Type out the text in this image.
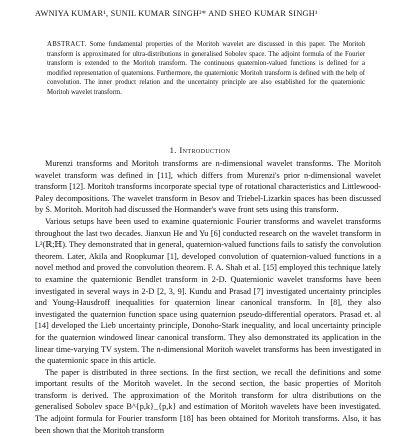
AWNIYA KUMAR¹, SUNIL KUMAR SINGH²* AND SHEO KUMAR SINGH¹
ABSTRACT. Some fundamental properties of the Moritoh wavelet are discussed in this paper. The Moritoh transform is approximated for ultra-distributions in generalised Sobolev space. The adjoint formula of the Fourier transform is extended to the Moritoh transform. The continuous quaternion-valued functions is defined for a modified representation of quaternions. Furthermore, the quaternionic Moritoh transform is defined with the help of convolution. The inner product relation and the uncertainty principle are also established for the quaternionic Moritoh wavelet transform.
1. Introduction

Murenzi transforms and Moritoh transforms are n-dimensional wavelet transforms. The Moritoh wavelet transform was defined in [11], which differs from Murenzi's prior n-dimensional wavelet transform [12]. Moritoh transforms incorporate special type of rotational characteristics and Littlewood-Paley decompositions. The wavelet transform in Besov and Triebel-Lizarkin spaces has been discussed by S. Moritoh. Moritoh had discussed the Hormander's wave front sets using this transform.

Various setups have been used to examine quaternionic Fourier transforms and wavelet transforms throughout the last two decades. Jianxun He and Yu [6] conducted research on the wavelet transform in L²(ℝ;ℍ). They demonstrated that in general, quaternion-valued functions fails to satisfy the convolution theorem. Later, Akila and Roopkumar [1], developed convolution of quaternion-valued functions in a novel method and proved the convolution theorem. F. A. Shah et al. [15] employed this technique lately to examine the quaternionic Bendlet transform in 2-D. Quaternionic wavelet transforms have been investigated in several ways in 2-D [2, 3, 9]. Kundu and Prasad [7] investigated uncertainty principles and Young-Hausdroff inequalities for quaternion linear canonical transform. In [8], they also investigated the quaternion function space using quaternion pseudo-differential operators. Prasad et. al [14] developed the Lieb uncertainty principle, Donoho-Stark inequality, and local uncertainty principle for the quaternion windowed linear canonical transform. They also demonstrated its application in the linear time-varying TV system. The n-dimensional Moritoh wavelet transforms has been investigated in the quaternionic space in this article.

The paper is distributed in three sections. In the first section, we recall the definitions and some important results of the Moritoh wavelet. In the second section, the basic properties of Moritoh transform is derived. The approximation of the Moritoh transform for ultra distributions on the generalised Sobolev space B^{p,k}_{p,k} and estimation of Moritoh wavelets have been investigated. The adjoint formula for Fourier transform [18] has been obtained for Moritoh transforms. Also, it has been shown that the Moritoh transform
